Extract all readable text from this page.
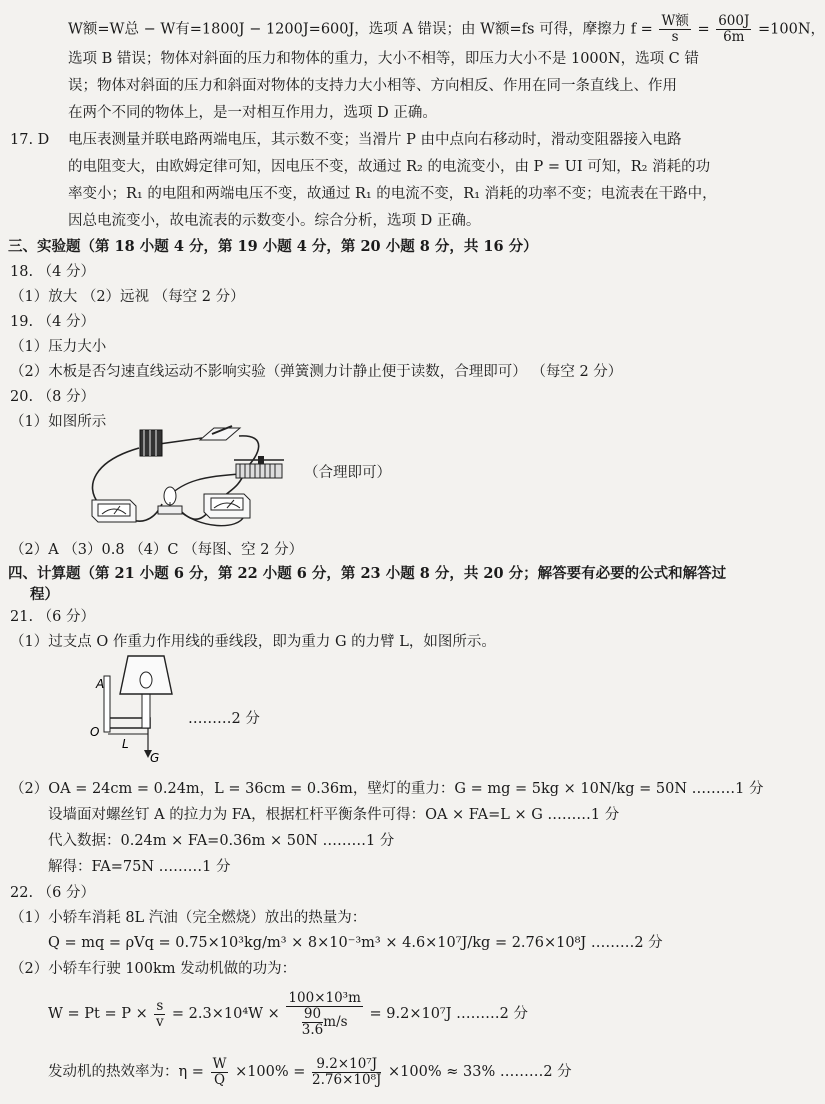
W额=W总 − W有=1800J − 1200J=600J，选项 A 错误；由 W额=fs 可得，摩擦力 $f = \frac{\text{W额}}{s} = \frac{600J}{6m} =100N$，
选项 B 错误；物体对斜面的压力和物体的重力，大小不相等，即压力大小不是 1000N，选项 C 错
误；物体对斜面的压力和斜面对物体的支持力大小相等、方向相反、作用在同一条直线上、作用
在两个不同的物体上，是一对相互作用力，选项 D 正确。
17. D 电压表测量并联电路两端电压，其示数不变；当滑片 P 由中点向右移动时，滑动变阻器接入电路
的电阻变大，由欧姆定律可知，因电压不变，故通过 R₂ 的电流变小，由 P = UI 可知，R₂ 消耗的功
率变小；R₁ 的电阻和两端电压不变，故通过 R₁ 的电流不变，R₁ 消耗的功率不变；电流表在干路中，
因总电流变小，故电流表的示数变小。综合分析，选项 D 正确。
三、实验题（第 18 小题 4 分，第 19 小题 4 分，第 20 小题 8 分，共 16 分）
18. （4 分）
（1）放大 （2）远视 （每空 2 分）
19. （4 分）
（1）压力大小
（2）木板是否匀速直线运动不影响实验（弹簧测力计静止便于读数，合理即可） （每空 2 分）
20. （8 分）
（1）如图所示
（合理即可）
（2）A （3）0.8 （4）C （每图、空 2 分）
四、计算题（第 21 小题 6 分，第 22 小题 6 分，第 23 小题 8 分，共 20 分；解答要有必要的公式和解答过
程）
21. （6 分）
（1）过支点 O 作重力作用线的垂线段，即为重力 G 的力臂 L，如图所示。
A
O
L
G
………2 分
（2）OA = 24cm = 0.24m，L = 36cm = 0.36m，壁灯的重力：G = mg = 5kg × 10N/kg = 50N ………1 分
设墙面对螺丝钉 A 的拉力为 FA，根据杠杆平衡条件可得：OA × FA=L × G ………1 分
代入数据：0.24m × FA=0.36m × 50N ………1 分
解得：FA=75N ………1 分
22. （6 分）
（1）小轿车消耗 8L 汽油（完全燃烧）放出的热量为：
Q = mq = ρVq = 0.75×10³kg/m³ × 8×10⁻³m³ × 4.6×10⁷J/kg = 2.76×10⁸J ………2 分
（2）小轿车行驶 100km 发动机做的功为：
$W = Pt = P \times \frac{s}{v} = 2.3\times 10^4W \times \frac{\text{100×10³m}}{\frac{90}{3.6} m/s} = 9.2\times 10^7J$ ………2 分
发动机的热效率为：$\eta = \frac{W}{Q} \times 100\% = \frac{\text{9.2×10⁷J}}{\text{2.76×10⁸J}} \times 100\% \approx 33\%$ ………2 分
